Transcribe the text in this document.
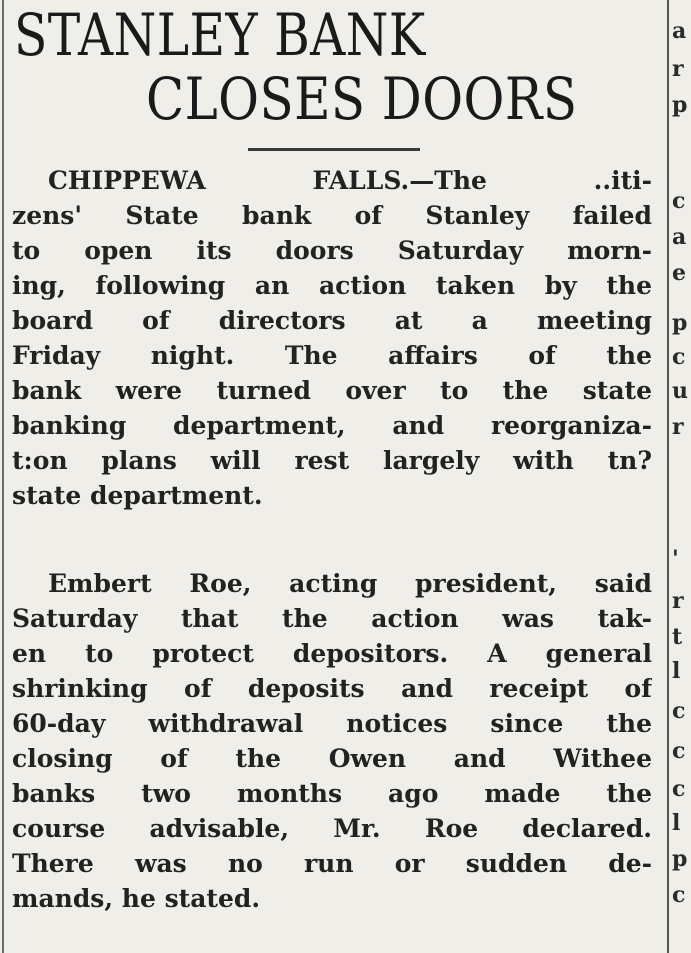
STANLEY BANK
CLOSES DOORS
CHIPPEWA FALLS.—The ..iti-
zens' State bank of Stanley failed
to open its doors Saturday morn-
ing, following an action taken by the
board of directors at a meeting
Friday night. The affairs of the
bank were turned over to the state
banking department, and reorganiza-
t:on plans will rest largely with tn?
state department.
Embert Roe, acting president, said
Saturday that the action was tak-
en to protect depositors. A general
shrinking of deposits and receipt of
60-day withdrawal notices since the
closing of the Owen and Withee
banks two months ago made the
course advisable, Mr. Roe declared.
There was no run or sudden de-
mands, he stated.
a
r
p
c
a
e
p
c
u
r
'
r
t
l
c
c
c
l
p
c
